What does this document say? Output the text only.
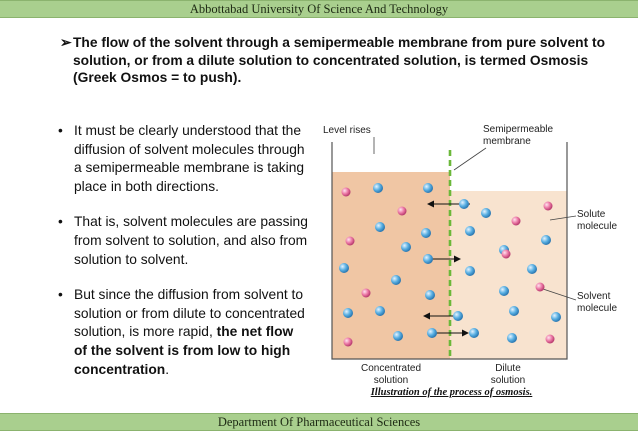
Abbottabad University Of Science And Technology
➢ The flow of the solvent through a semipermeable membrane from pure solvent to solution, or from a dilute solution to concentrated solution, is termed Osmosis (Greek Osmos = to push).
• It must be clearly understood that the diffusion of solvent molecules through a semipermeable membrane is taking place in both directions.
• That is, solvent molecules are passing from solvent to solution, and also from solution to solvent.
• But since the diffusion from solvent to solution or from dilute to concentrated solution, is more rapid, the net flow of the solvent is from low to high concentration.
Level rises	Semipermeable
membrane
Solute
molecule
Solvent
molecule
Concentrated
solution
Dilute
solution
Illustration of the process of osmosis.
Department Of Pharmaceutical Sciences
